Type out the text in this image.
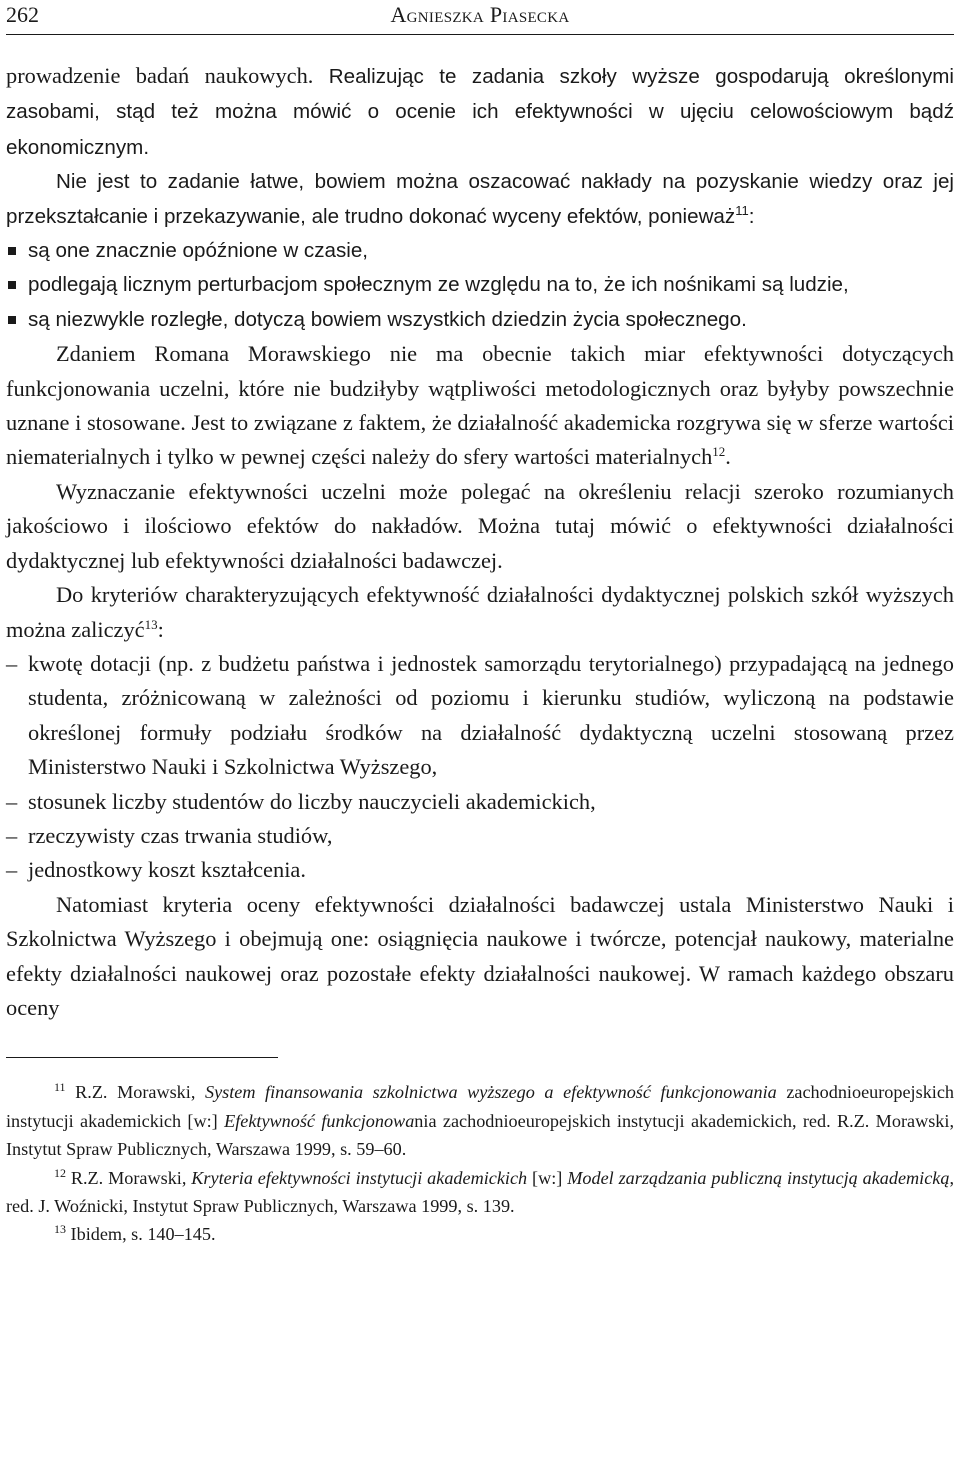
262	Agnieszka Piasecka

prowadzenie badań naukowych. Realizując te zadania szkoły wyższe gospodarują określonymi zasobami, stąd też można mówić o ocenie ich efektywności w ujęciu celowościowym bądź ekonomicznym.

Nie jest to zadanie łatwe, bowiem można oszacować nakłady na pozyskanie wiedzy oraz jej przekształcanie i przekazywanie, ale trudno dokonać wyceny efektów, ponieważ$^{11}$:

są one znacznie opóźnione w czasie,
podlegają licznym perturbacjom społecznym ze względu na to, że ich nośnikami są ludzie,
są niezwykle rozległe, dotyczą bowiem wszystkich dziedzin życia społecznego.

Zdaniem Romana Morawskiego nie ma obecnie takich miar efektywności dotyczących funkcjonowania uczelni, które nie budziłyby wątpliwości metodologicznych oraz byłyby powszechnie uznane i stosowane. Jest to związane z faktem, że działalność akademicka rozgrywa się w sferze wartości niematerialnych i tylko w pewnej części należy do sfery wartości materialnych$^{12}$.

Wyznaczanie efektywności uczelni może polegać na określeniu relacji szeroko rozumianych jakościowo i ilościowo efektów do nakładów. Można tutaj mówić o efektywności działalności dydaktycznej lub efektywności działalności badawczej.

Do kryteriów charakteryzujących efektywność działalności dydaktycznej polskich szkół wyższych można zaliczyć$^{13}$:

– kwotę dotacji (np. z budżetu państwa i jednostek samorządu terytorialnego) przypadającą na jednego studenta, zróżnicowaną w zależności od poziomu i kierunku studiów, wyliczoną na podstawie określonej formuły podziału środków na działalność dydaktyczną uczelni stosowaną przez Ministerstwo Nauki i Szkolnictwa Wyższego,
– stosunek liczby studentów do liczby nauczycieli akademickich,
– rzeczywisty czas trwania studiów,
– jednostkowy koszt kształcenia.

Natomiast kryteria oceny efektywności działalności badawczej ustala Ministerstwo Nauki i Szkolnictwa Wyższego i obejmują one: osiągnięcia naukowe i twórcze, potencjał naukowy, materialne efekty działalności naukowej oraz pozostałe efekty działalności naukowej. W ramach każdego obszaru oceny

$^{11}$ R.Z. Morawski, System finansowania szkolnictwa wyższego a efektywność funkcjonowania zachodnioeuropejskich instytucji akademickich [w:] Efektywność funkcjonowania zachodnioeuropejskich instytucji akademickich, red. R.Z. Morawski, Instytut Spraw Publicznych, Warszawa 1999, s. 59–60.

$^{12}$ R.Z. Morawski, Kryteria efektywności instytucji akademickich [w:] Model zarządzania publiczną instytucją akademicką, red. J. Woźnicki, Instytut Spraw Publicznych, Warszawa 1999, s. 139.

$^{13}$ Ibidem, s. 140–145.
